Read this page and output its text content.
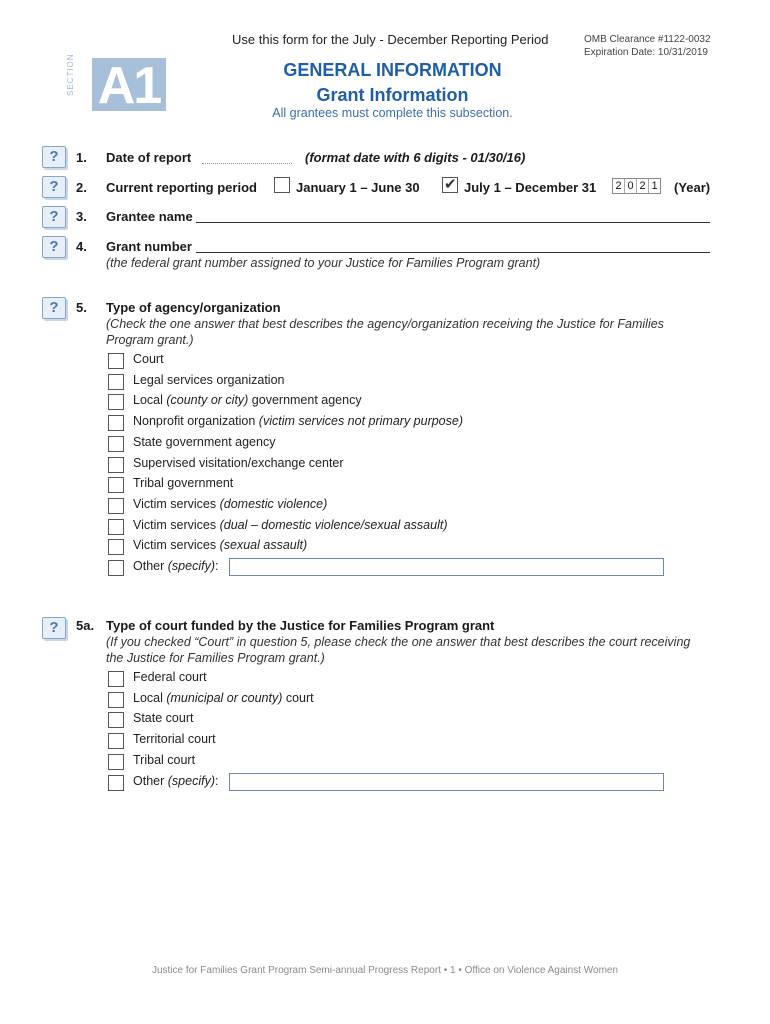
Use this form for the July - December Reporting Period	OMB Clearance #1122-0032
Expiration Date: 10/31/2019
SECTION A1	GENERAL INFORMATION
Grant Information
All grantees must complete this subsection.
?	1. Date of report	(format date with 6 digits - 01/30/16)
?	2. Current reporting period	January 1 – June 30
✔	July 1 – December 31 2 0 2 1 (Year)
?	3. Grantee name
?	4. Grant number
(the federal grant number assigned to your Justice for Families Program grant)
?	5. Type of agency/organization
(Check the one answer that best describes the agency/organization receiving the Justice for Families Program grant.)
Court
Legal services organization
Local (county or city) government agency
Nonprofit organization (victim services not primary purpose)
State government agency
Supervised visitation/exchange center
Tribal government
Victim services (domestic violence)
Victim services (dual – domestic violence/sexual assault)
Victim services (sexual assault)
Other (specify):
?	5a. Type of court funded by the Justice for Families Program grant
(If you checked “Court” in question 5, please check the one answer that best describes the court receiving the Justice for Families Program grant.)
Federal court
Local (municipal or county) court
State court
Territorial court
Tribal court
Other (specify):
Justice for Families Grant Program Semi-annual Progress Report • 1 • Office on Violence Against Women
